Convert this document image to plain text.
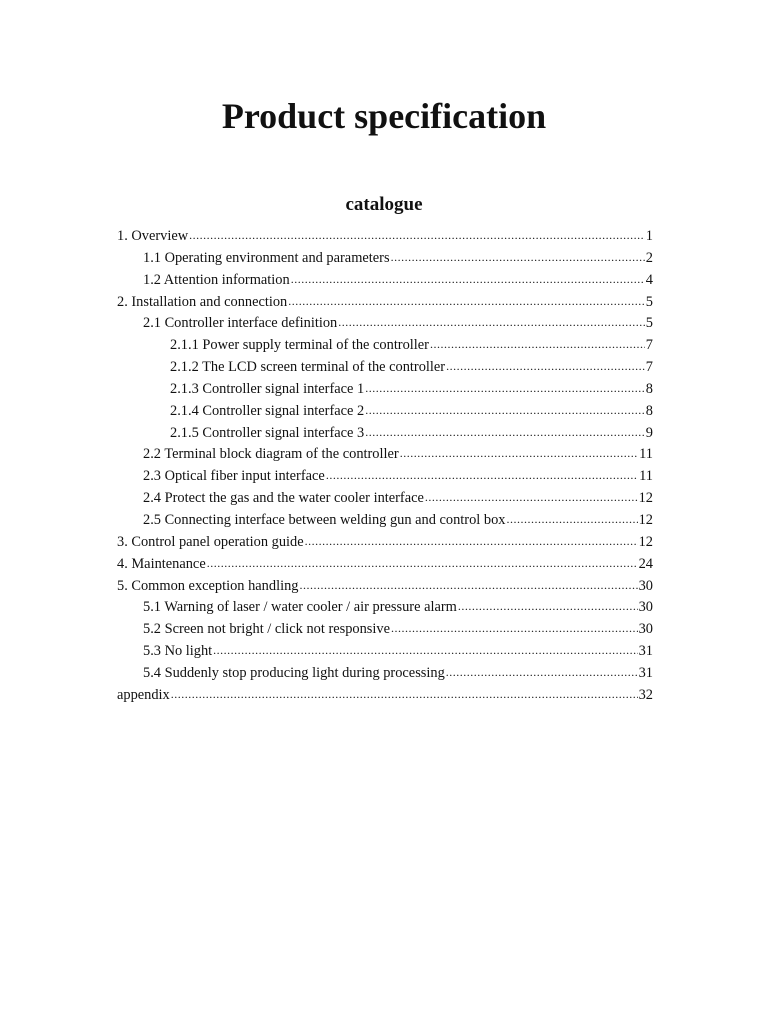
Product specification
catalogue
1. Overview .....	1
1.1 Operating environment and parameters .....	2
1.2 Attention information .....	4
2. Installation and connection .....	5
2.1 Controller interface definition .....	5
2.1.1 Power supply terminal of the controller .....	7
2.1.2 The LCD screen terminal of the controller .....	7
2.1.3 Controller signal interface 1 .....	8
2.1.4 Controller signal interface 2 .....	8
2.1.5 Controller signal interface 3 .....	9
2.2 Terminal block diagram of the controller .....	11
2.3 Optical fiber input interface .....	11
2.4 Protect the gas and the water cooler interface .....	12
2.5 Connecting interface between welding gun and control box .....	12
3. Control panel operation guide .....	12
4. Maintenance .....	24
5. Common exception handling .....	30
5.1 Warning of laser / water cooler / air pressure alarm .....	30
5.2 Screen not bright / click not responsive .....	30
5.3 No light .....	31
5.4 Suddenly stop producing light during processing .....	31
appendix .....	32
